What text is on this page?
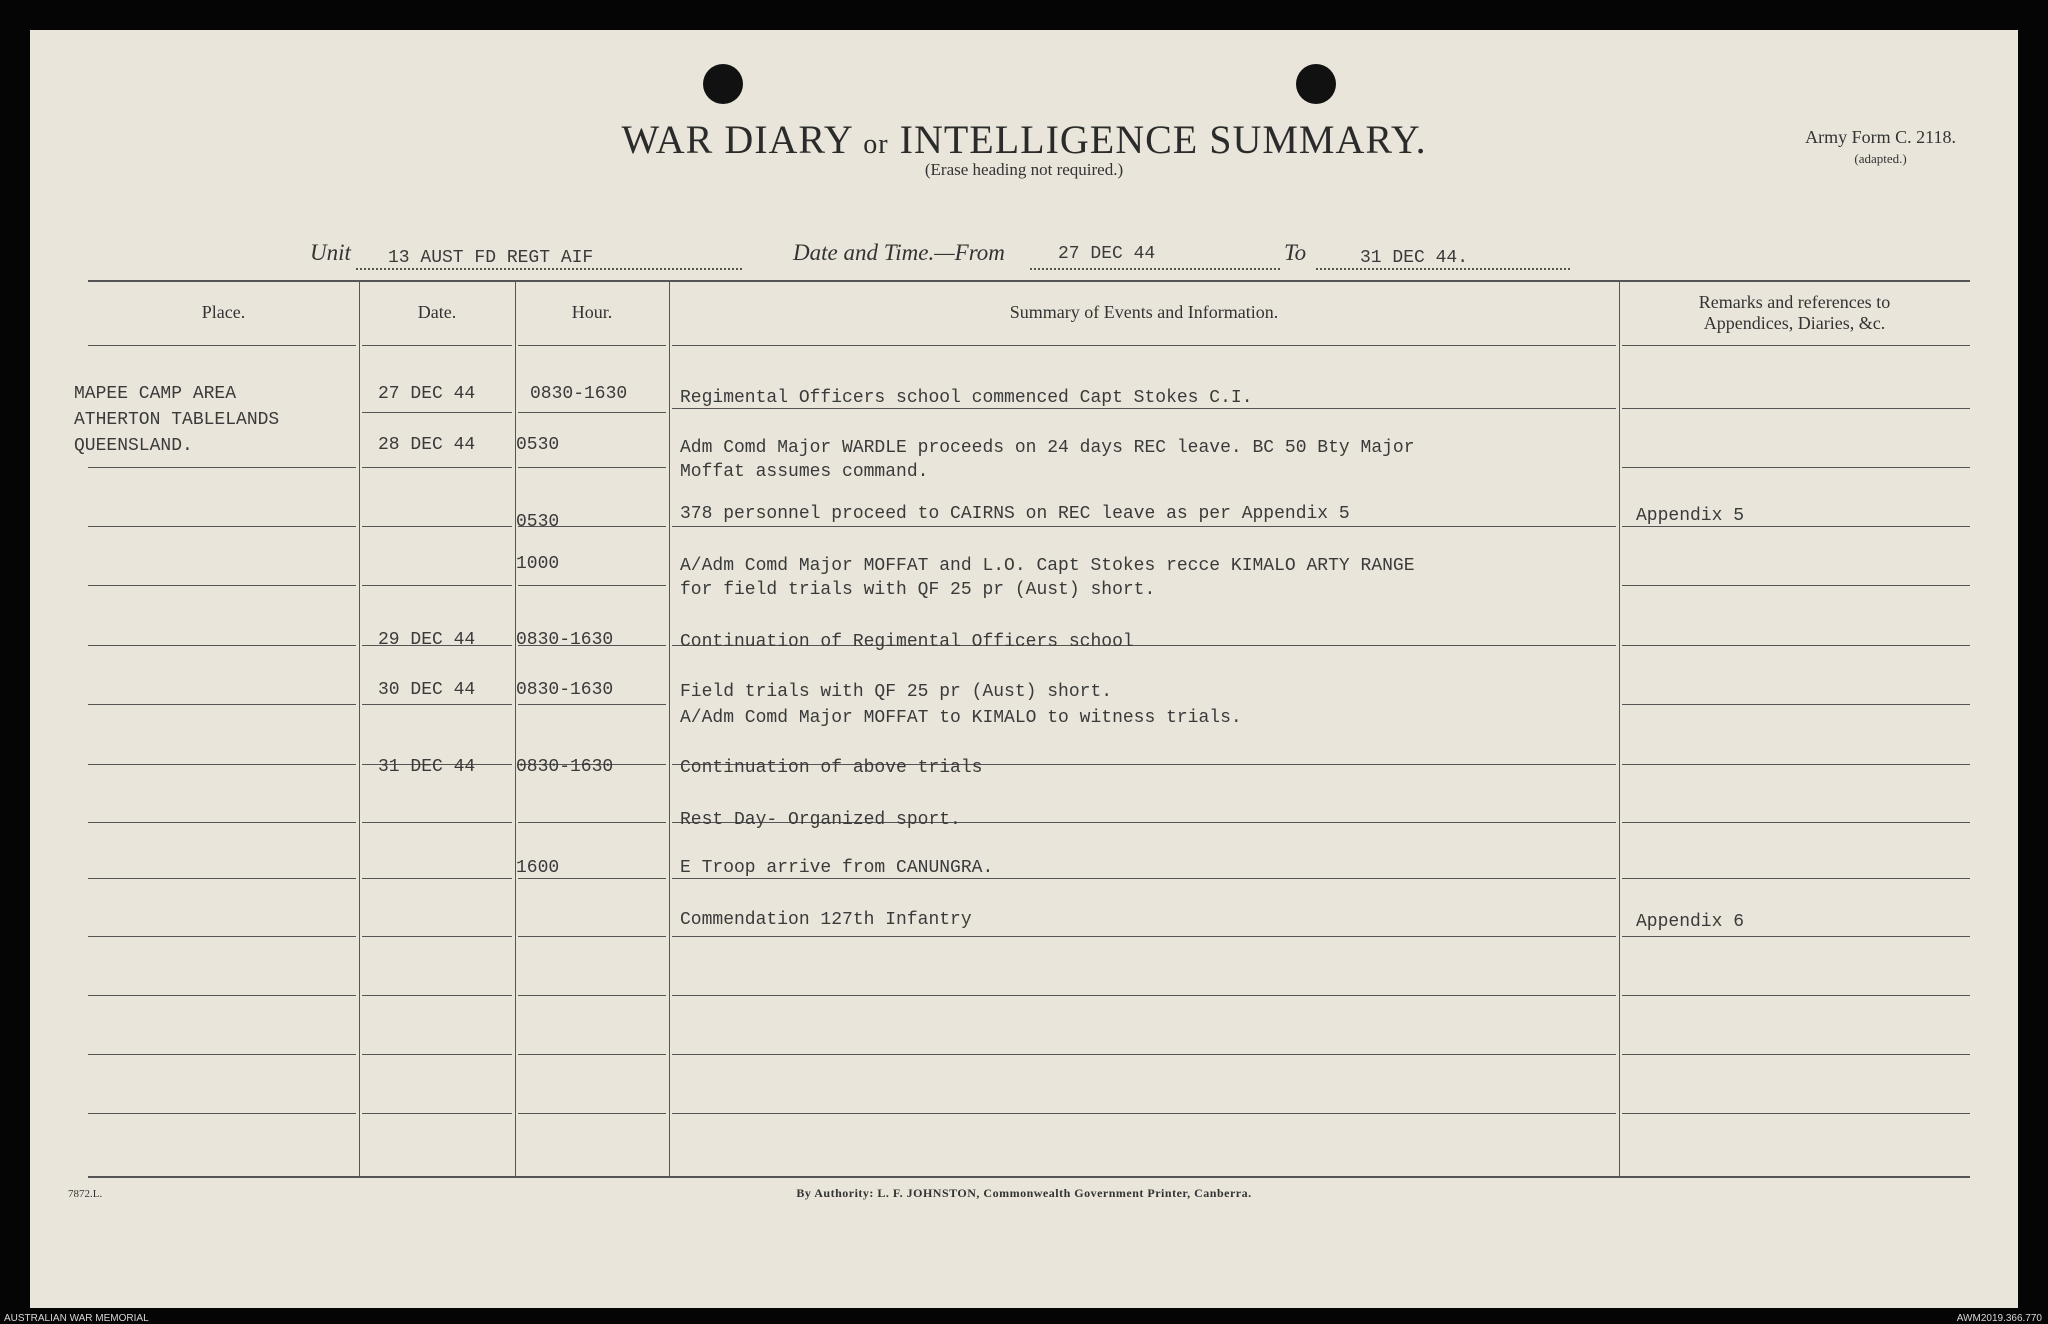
WAR DIARY or INTELLIGENCE SUMMARY.
(Erase heading not required.)
Army Form C. 2118.
(adapted.)
Unit 13 AUST FD REGT AIF	Date and Time.—From	27 DEC 44	To	31 DEC 44.
Place.	Date.	Hour.	Summary of Events and Information.	Remarks and references to
Appendices, Diaries, &c.
MAPEE CAMP AREA
ATHERTON TABLELANDS
QUEENSLAND.
27 DEC 44	0830-1630	Regimental Officers school commenced Capt Stokes C.I.
28 DEC 44 0530	Adm Comd Major WARDLE proceeds on 24 days REC leave. BC 50 Bty Major
Moffat assumes command.
0530	378 personnel proceed to CAIRNS on REC leave as per Appendix 5	Appendix 5
1000	A/Adm Comd Major MOFFAT and L.O. Capt Stokes recce KIMALO ARTY RANGE
for field trials with QF 25 pr (Aust) short.
29 DEC 44 0830-1630	Continuation of Regimental Officers school
30 DEC 44 0830-1630	Field trials with QF 25 pr (Aust) short.
A/Adm Comd Major MOFFAT to KIMALO to witness trials.
31 DEC 44 0830-1630	Continuation of above trials
Rest Day- Organized sport.
1600	E Troop arrive from CANUNGRA.
Commendation 127th Infantry	Appendix 6
7872.L.	By Authority: L. F. JOHNSTON, Commonwealth Government Printer, Canberra.
AUSTRALIAN WAR MEMORIAL	AWM2019.366.770
